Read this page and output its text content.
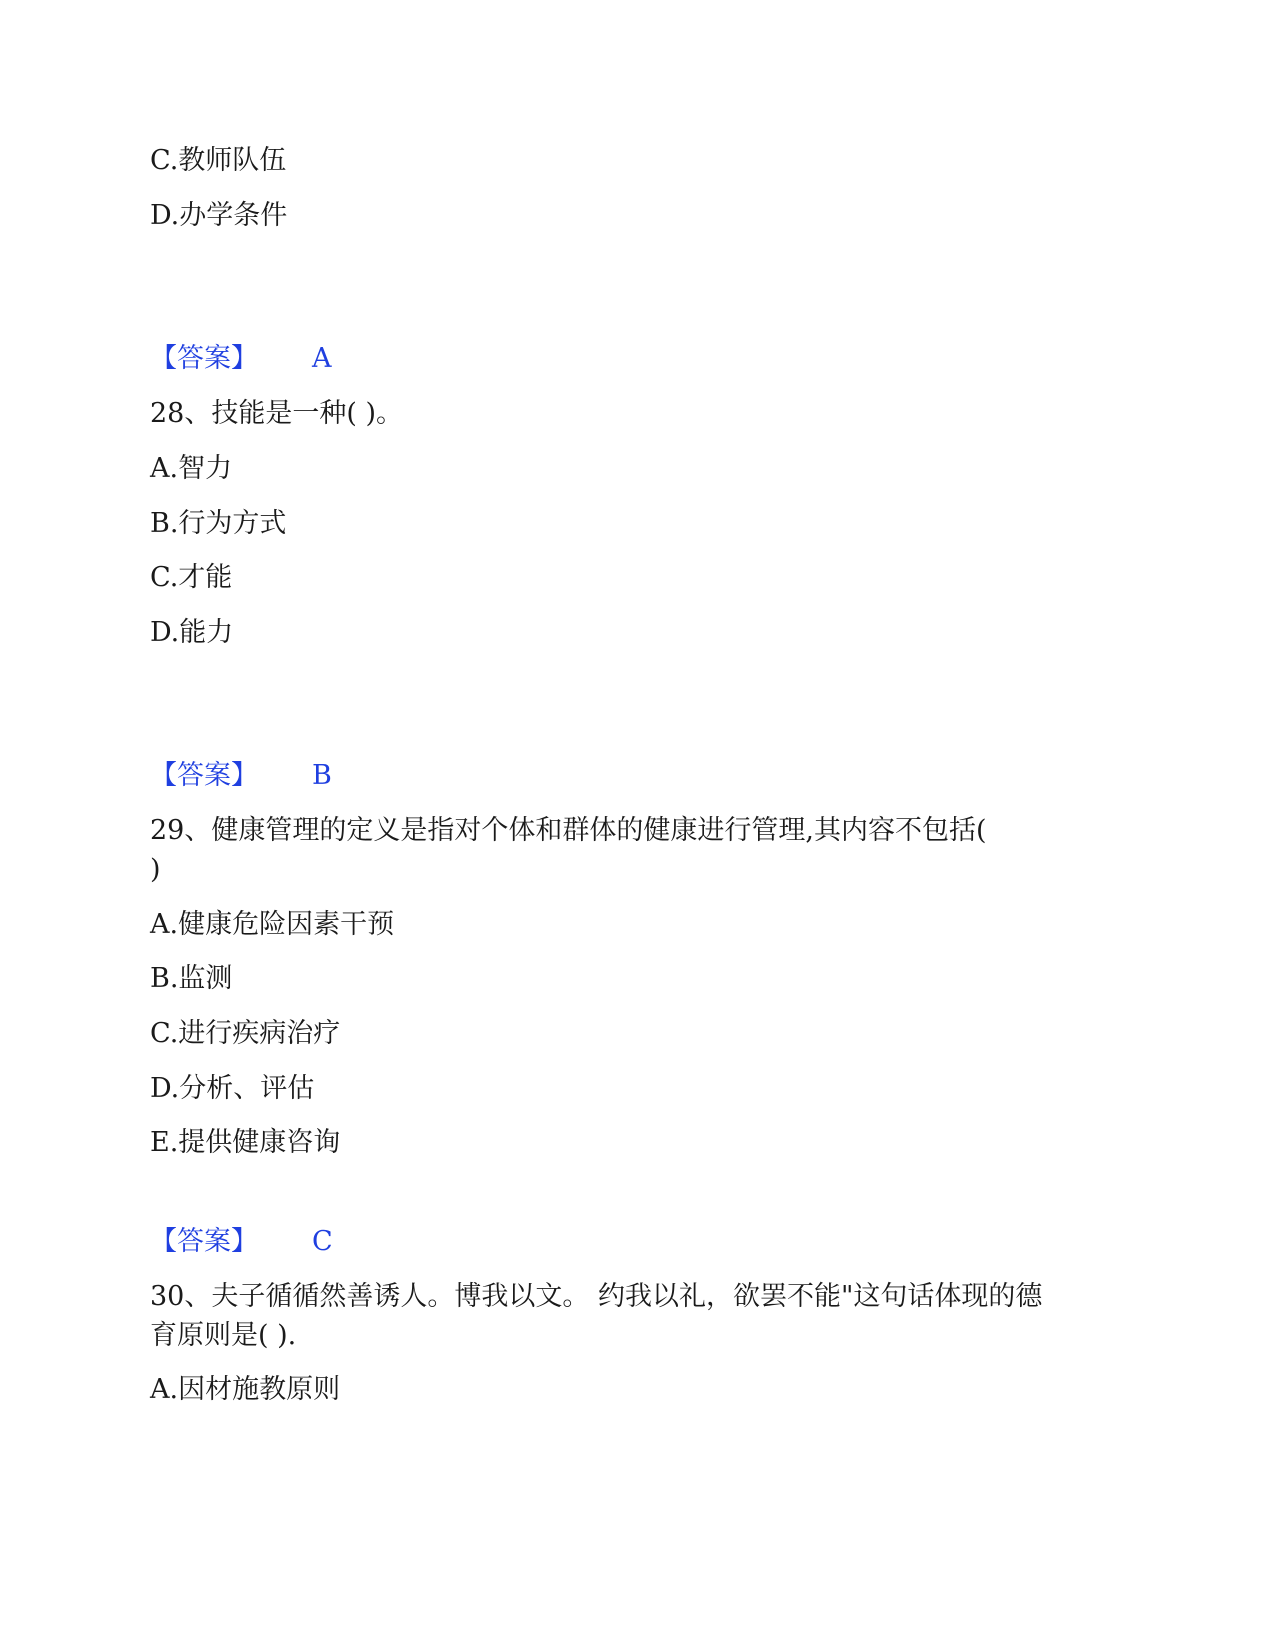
C.教师队伍
D.办学条件
【答案】 A
28、技能是一种( )。
A.智力
B.行为方式
C.才能
D.能力
【答案】 B
29、健康管理的定义是指对个体和群体的健康进行管理,其内容不包括(
)
A.健康危险因素干预
B.监测
C.进行疾病治疗
D.分析、评估
E.提供健康咨询
【答案】 C
30、夫子循循然善诱人。博我以文。 约我以礼，欲罢不能"这句话体现的德
育原则是( ).
A.因材施教原则
